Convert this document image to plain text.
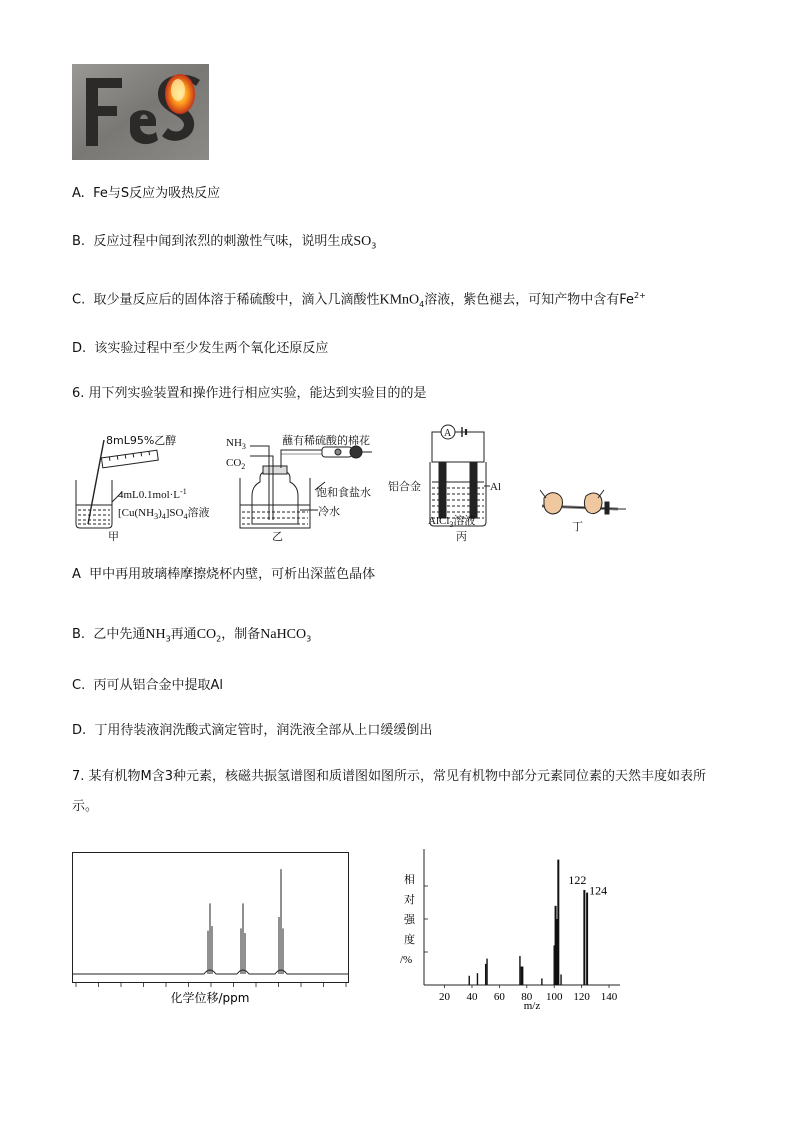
FeS
A. Fe与S反应为吸热反应
B. 反应过程中闻到浓烈的刺激性气味，说明生成$SO_3$
C. 取少量反应后的固体溶于稀硫酸中，滴入几滴酸性KMnO$_4$溶液，紫色褪去，可知产物中含有$Fe^{2+}$
D. 该实验过程中至少发生两个氧化还原反应
6. 用下列实验装置和操作进行相应实验，能达到实验目的的是
8mL95%乙醇
$4mL0.1mol\cdot L^{-1}$
$[Cu(NH_3)_4]SO_4$溶液
甲
$NH_3$
$CO_2$
蘸有稀硫酸的棉花
饱和食盐水
冷水
乙
A
铝合金	Al
丙
丁
AlCl$_3$溶液
A 甲中再用玻璃棒摩擦烧杯内壁，可析出深蓝色晶体
B. 乙中先通$NH_3$再通$CO_2$，制备NaHCO$_3$
C. 丙可从铝合金中提取Al
D. 丁用待装液润洗酸式滴定管时，润洗液全部从上口缓缓倒出
7. 某有机物M含3种元素，核磁共振氢谱图和质谱图如图所示，常见有机物中部分元素同位素的天然丰度如表所示。
化学位移/ppm	20 40 60 80 100 120 140
122
124
相
对
强
度
/%
m/z
